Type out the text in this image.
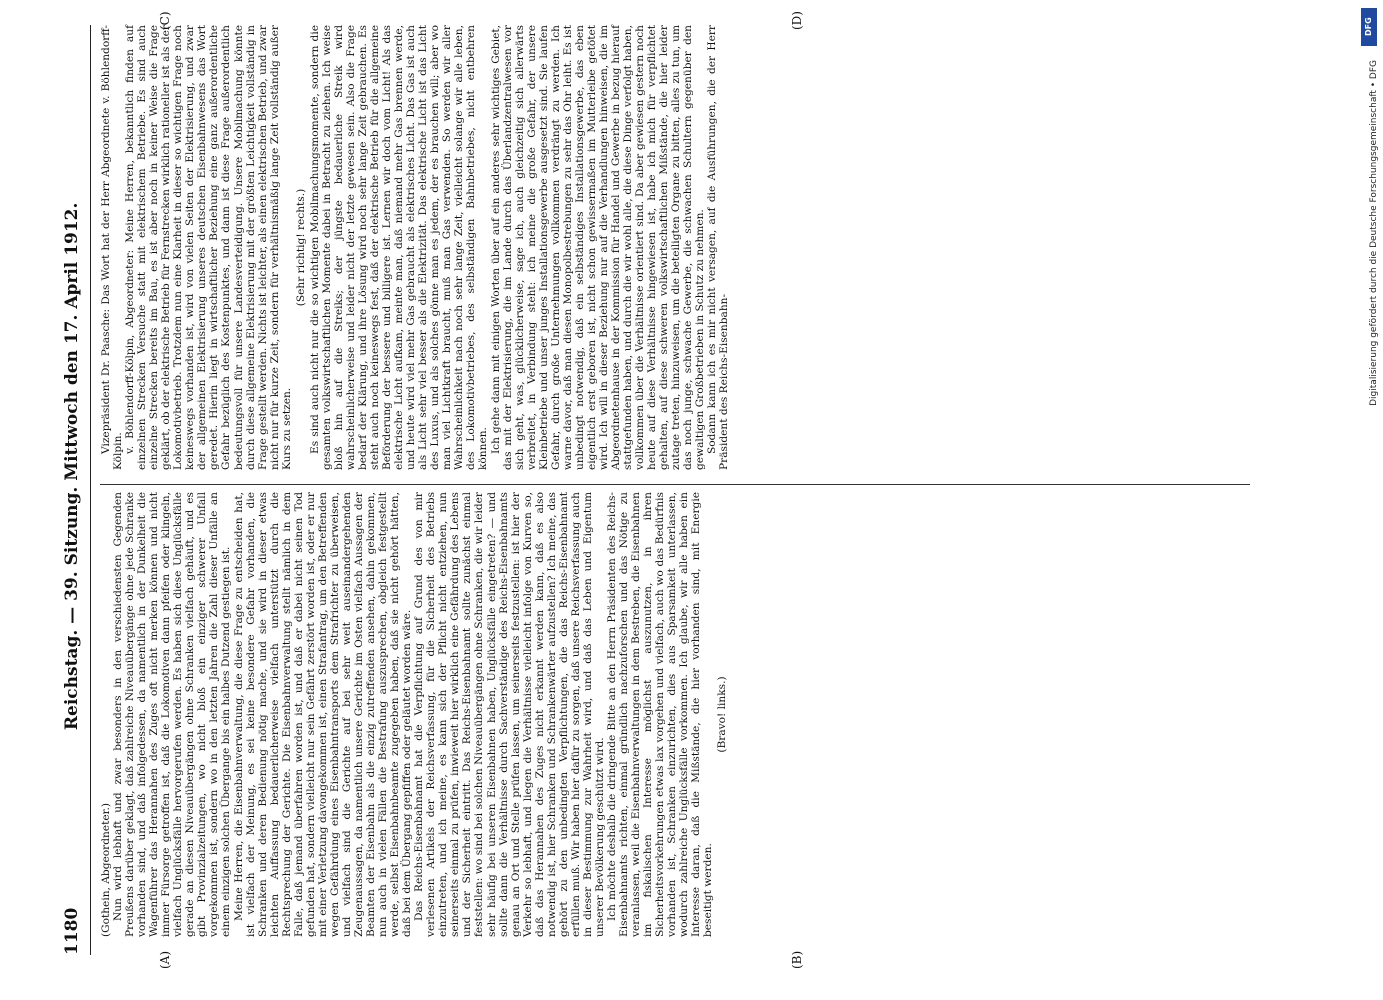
1180
Reichstag. — 39. Sitzung. Mittwoch den 17. April 1912.
(A)	(B)
(C)	(D)

(Gothein, Abgeordneter.) Nun wird lebhaft und zwar besonders in den verschiedensten Gegenden Preußens darüber geklagt, daß zahlreiche Niveauübergänge ohne jede Schranke vorhanden sind, und daß infolgedessen, da namentlich in der Dunkelheit die Wagenführer das Herannahen des Zuges oft nicht merken können und nicht immer Fürsorge getroffen ist, daß die Lokomotiven dann pfeifen oder klingeln, vielfach Unglücksfälle hervorgerufen werden. Es haben sich diese Unglücksfälle gerade an diesen Niveauübergängen ohne Schranken vielfach gehäuft, und es gibt Provinzialzeitungen, wo nicht bloß ein einziger schwerer Unfall vorgekommen ist, sondern wo in den letzten Jahren die Zahl dieser Unfälle an einem einzigen solchen Übergange bis ein halbes Dutzend gestiegen ist. Meine Herren, die Eisenbahnverwaltung, die diese Frage zu entscheiden hat, ist vielfach der Meinung, es sei keine besondere Gefahr vorhanden, die Schranken und deren Bedienung nötig mache, und sie wird in dieser etwas leichten Auffassung bedauerlicherweise vielfach unterstützt durch die Rechtsprechung der Gerichte. Die Eisenbahnverwaltung stellt nämlich in dem Falle, daß jemand überfahren worden ist, und daß er dabei nicht seinen Tod gefunden hat, sondern vielleicht nur sein Gefährt zerstört worden ist, oder er nur mit einer Verletzung davongekommen ist, einen Strafantrag, um den Betreffenden wegen Gefährdung eines Eisenbahntransports dem Strafrichter zu überweisen, und vielfach sind die Gerichte auf bei sehr weit auseinandergehenden Zeugenaussagen, da namentlich unsere Gerichte im Osten vielfach Aussagen der Beamten der Eisenbahn als die einzig zutreffenden ansehen, dahin gekommen, nun auch in vielen Fällen die Bestrafung auszusprechen, obgleich festgestellt werde, selbst Eisenbahnbeamte zugegeben haben, daß sie nicht gehört hätten, daß bei dem Übergang gepfiffen oder geläutet worden wäre. Das Reichs-Eisenbahnamt hat die Verpflichtung auf Grund des von mir verlesenen Artikels der Reichsverfassung, für die Sicherheit des Betriebs einzutreten, und ich meine, es kann sich der Pflicht nicht entziehen, nun seinerseits einmal zu prüfen, inwieweit hier wirklich eine Gefährdung des Lebens und der Sicherheit eintritt. Das Reichs-Eisenbahnamt sollte zunächst einmal feststellen: wo sind bei solchen Niveauübergängen ohne Schranken, die wir leider sehr häufig bei unseren Eisenbahnen haben, Unglücksfälle eingetreten? — und sollte dann die Verhältnisse durch Sachverständige des Reichs-Eisenbahnamts genau an Ort und Stelle prüfen lassen, um seinerseits festzustellen: ist hier der Verkehr so lebhaft, und liegen die Verhältnisse vielleicht infolge von Kurven so, daß das Herannahen des Zuges nicht erkannt werden kann, daß es also notwendig ist, hier Schranken und Schrankenwärter aufzustellen? Ich meine, das gehört zu den unbedingten Verpflichtungen, die das Reichs-Eisenbahnamt erfüllen muß. Wir haben hier dafür zu sorgen, daß unsere Reichsverfassung auch in dieser Bestimmung zur Wahrheit wird, und daß das Leben und Eigentum unserer Bevölkerung geschützt wird. Ich möchte deshalb die dringende Bitte an den Herrn Präsidenten des Reichs-Eisenbahnamts richten, einmal gründlich nachzuforschen und das Nötige zu veranlassen, weil die Eisenbahnverwaltungen in dem Bestreben, die Eisenbahnen im fiskalischen Interesse möglichst auszunutzen, in ihren Sicherheitsvorkehrungen etwas lax vorgehen und vielfach, auch wo das Bedürfnis vorhanden ist, Schranken einzurichten, dies aus Sparsamkeit unterlassen, wodurch zahlreiche Unglücksfälle vorkommen. Ich glaube, wir alle haben ein Interesse daran, daß die Mißstände, die hier vorhanden sind, mit Energie beseitigt werden.

(Bravo! links.)

Vizepräsident Dr. Paasche: Das Wort hat der Herr Abgeordnete v. Böhlendorff-Kölpin. v. Böhlendorff-Kölpin, Abgeordneter: Meine Herren, bekanntlich finden auf einzelnen Strecken Versuche statt mit elektrischem Betriebe. Es sind auch einzelne Strecken bereits im Bau, es ist aber noch in keiner Weise die Frage geklärt, ob der elektrische Betrieb für Fernstrecken wirklich rationeller ist als der Lokomotivbetrieb. Trotzdem nun eine Klarheit in dieser so wichtigen Frage noch keineswegs vorhanden ist, wird von vielen Seiten der Elektrisierung, und zwar der allgemeinen Elektrisierung unseres deutschen Eisenbahnwesens das Wort geredet. Hierin liegt in wirtschaftlicher Beziehung eine ganz außerordentliche Gefahr bezüglich des Kostenpunktes, und dann ist diese Frage außerordentlich bedeutungsvoll für unsere Landesverteidigung. Unsere Mobilmachung könnte durch diese allgemeine Elektrisierung mit der größten Leichtigkeit vollständig in Frage gestellt werden. Nichts ist leichter, als einen elektrischen Betrieb, und zwar nicht nur für kurze Zeit, sondern für verhältnismäßig lange Zeit vollständig außer Kurs zu setzen.

(Sehr richtig! rechts.) Es sind auch nicht nur die so wichtigen Mobilmachungsmomente, sondern die gesamten volkswirtschaftlichen Momente dabei in Betracht zu ziehen. Ich weise bloß hin auf die Streiks; der jüngste bedauerliche Streik wird wahrscheinlicherweise und leider nicht der letzte gewesen sein. Also die Frage bedarf der Klärung, und ihre Lösung wird noch sehr lange Zeit gebrauchen. Es steht auch noch keineswegs fest, daß der elektrische Betrieb für die allgemeine Beförderung der bessere und billigere ist. Lernen wir doch vom Licht! Als das elektrische Licht aufkam, meinte man, daß niemand mehr Gas brennen werde, und heute wird viel mehr Gas gebraucht als elektrisches Licht. Das Gas ist auch als Licht sehr viel besser als die Elektrizität. Das elektrische Licht ist das Licht des Luxus, und als solches gönne man es jedem, der es brauchen will; aber wo man viel Lichtkraft braucht, muß man Gas verwenden. So werden wir aller Wahrscheinlichkeit nach noch sehr lange Zeit, vielleicht solange wir alle leben, des Lokomotivbetriebes, des selbständigen Bahnbetriebes, nicht entbehren können. Ich gehe dann mit einigen Worten über auf ein anderes sehr wichtiges Gebiet, das mit der Elektrisierung, die im Lande durch das Überlandzentralwesen vor sich geht, was, glücklicherweise, sage ich, auch gleichzeitig sich allerwärts verbreitet, in Verbindung steht: ich meine die große Gefahr, der unsere Kleinbetriebe und unser junges Installationsgewerbe ausgesetzt sind. Sie laufen Gefahr, durch große Unternehmungen vollkommen verdrängt zu werden. Ich warne davor, daß man diesen Monopolbestrebungen zu sehr das Ohr leiht. Es ist unbedingt notwendig, daß ein selbständiges Installationsgewerbe, das eben eigentlich erst geboren ist, nicht schon gewissermaßen im Mutterleibe getötet wird. Ich will in dieser Beziehung nur auf die Verhandlungen hinweisen, die im Abgeordnetenhause in der Kommission für Handel und Gewerbe in bezug hierauf stattgefunden haben, und durch die wir wohl alle, die diese Dinge verfolgt haben, vollkommen über die Verhältnisse orientiert sind. Da aber gewiesen gestern noch heute auf diese Verhältnisse hingewiesen ist, habe ich mich für verpflichtet gehalten, auf diese schweren volkswirtschaftlichen Mißstände, die hier leider zutage treten, hinzuweisen, um die beteiligten Organe zu bitten, alles zu tun, um das noch junge, schwache Gewerbe, die schwachen Schultern gegenüber den gewaltigen Großbetrieben in Schutz zu nehmen. Sodann kann ich es mir nicht versagen, auf die Ausführungen, die der Herr Präsident des Reichs-Eisenbahn-

DFG
Digitalisierung gefördert durch die Deutsche Forschungsgemeinschaft • DFG
